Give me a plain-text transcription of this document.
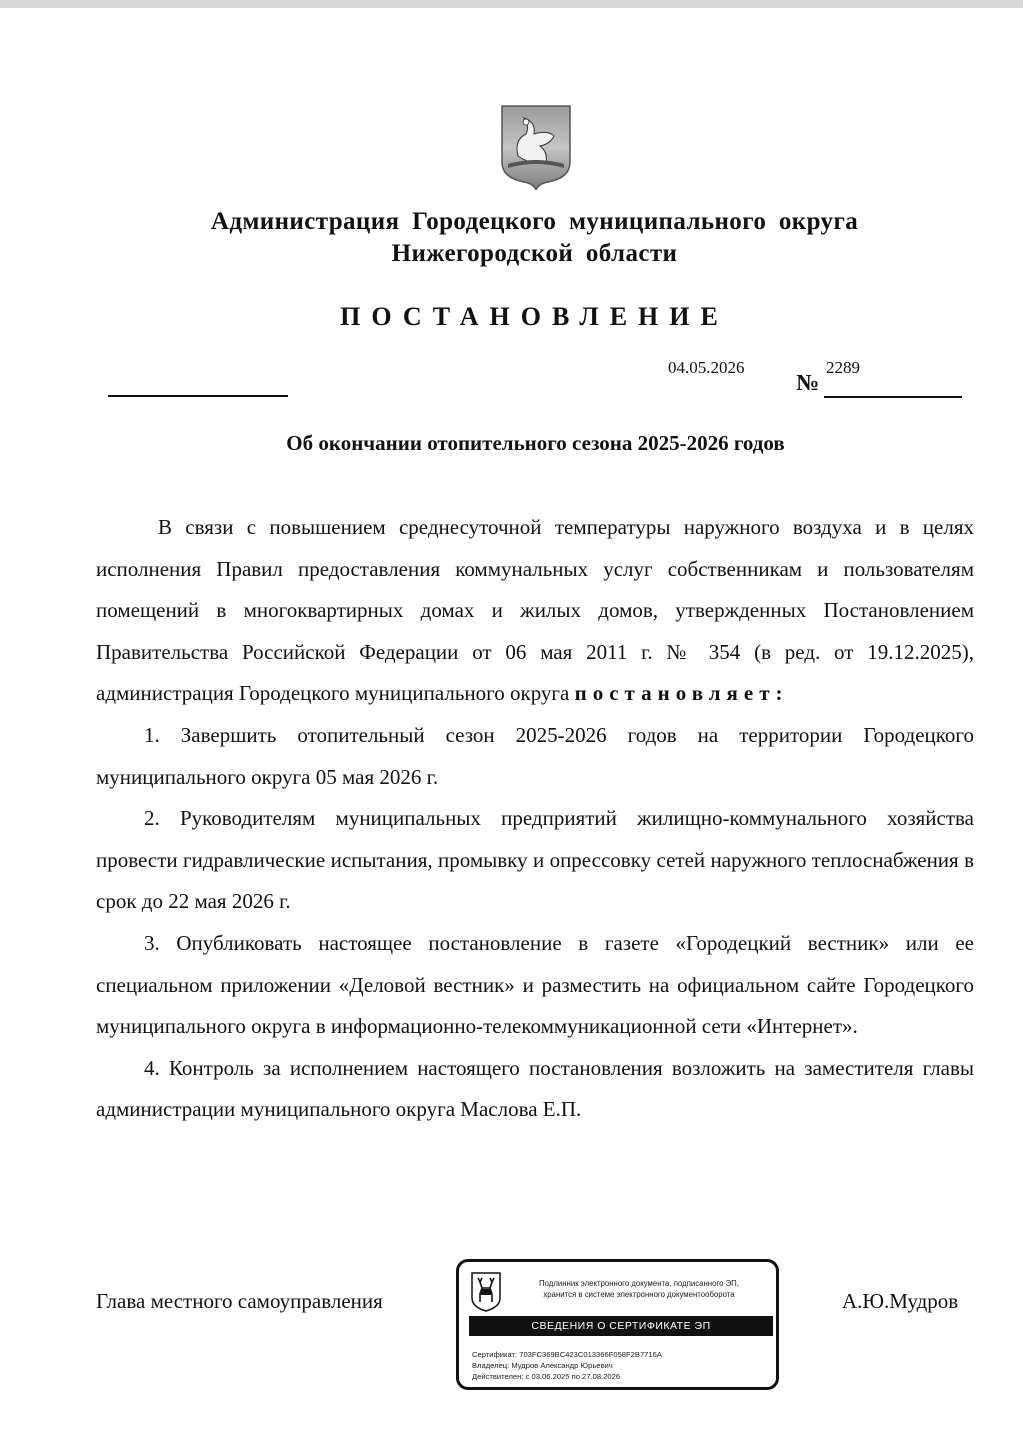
Администрация Городецкого муниципального округа
Нижегородской области
ПОСТАНОВЛЕНИЕ
04.05.2026
№
2289
Об окончании отопительного сезона 2025-2026 годов

В связи с повышением среднесуточной температуры наружного воздуха и в целях исполнения Правил предоставления коммунальных услуг собственникам и пользователям помещений в многоквартирных домах и жилых домов, утвержденных Постановлением Правительства Российской Федерации от 06 мая 2011 г. № 354 (в ред. от 19.12.2025), администрация Городецкого муниципального округа постановляет:

1. Завершить отопительный сезон 2025-2026 годов на территории Городецкого муниципального округа 05 мая 2026 г.

2. Руководителям муниципальных предприятий жилищно-коммунального хозяйства провести гидравлические испытания, промывку и опрессовку сетей наружного теплоснабжения в срок до 22 мая 2026 г.

3. Опубликовать настоящее постановление в газете «Городецкий вестник» или ее специальном приложении «Деловой вестник» и разместить на официальном сайте Городецкого муниципального округа в информационно-телекоммуникационной сети «Интернет».

4. Контроль за исполнением настоящего постановления возложить на заместителя главы администрации муниципального округа Маслова Е.П.

Глава местного самоуправления	А.Ю.Мудров
Подлинник электронного документа, подписанного ЭП,
хранится в системе электронного документооборота
СВЕДЕНИЯ О СЕРТИФИКАТЕ ЭП
Сертификат: 703FC369BC423C013366F058F2B7716A
Владелец: Мудров Александр Юрьевич
Действителен: с 03.06.2025 по 27.08.2026
